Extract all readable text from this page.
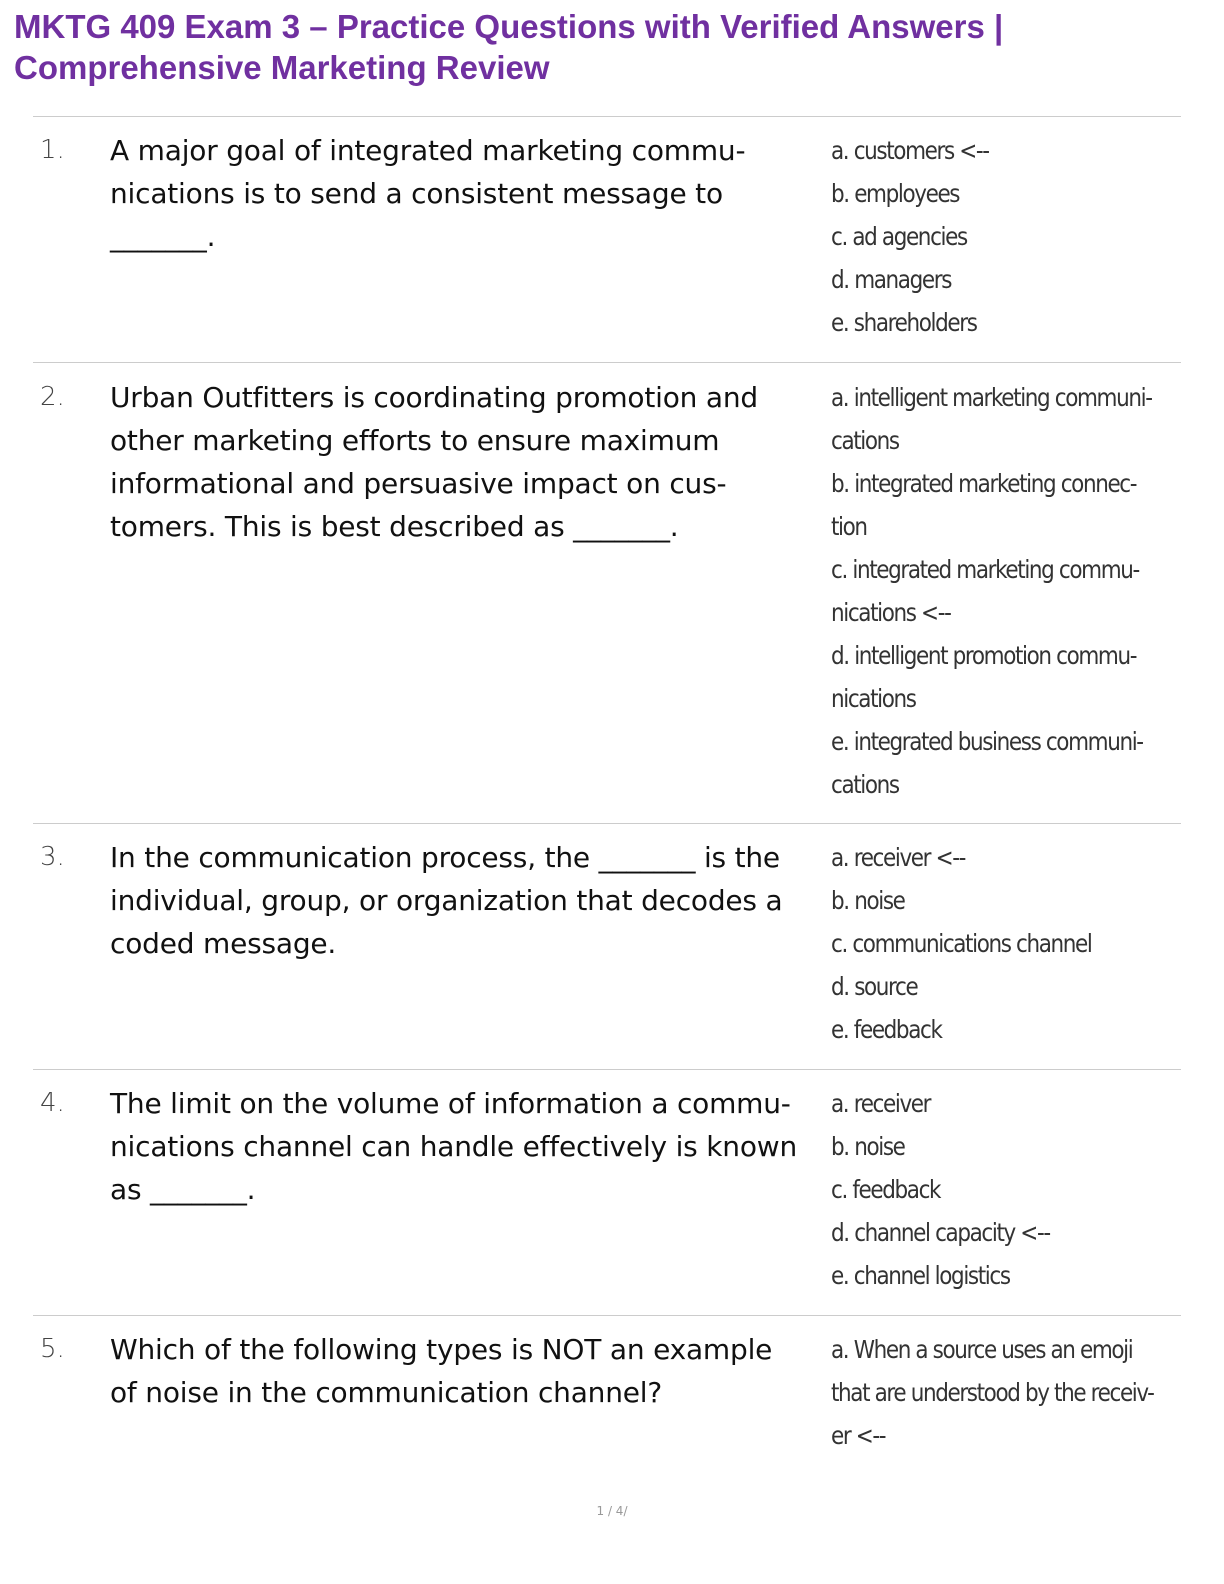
MKTG 409 Exam 3 – Practice Questions with Verified Answers |
Comprehensive Marketing Review
1. A major goal of integrated marketing commu-
nications is to send a consistent message to
_______.
a. customers <--
b. employees
c. ad agencies
d. managers
e. shareholders
2. Urban Outfitters is coordinating promotion and
other marketing efforts to ensure maximum
informational and persuasive impact on cus-
tomers. This is best described as _______.
a. intelligent marketing communi-
cations
b. integrated marketing connec-
tion
c. integrated marketing commu-
nications <--
d. intelligent promotion commu-
nications
e. integrated business communi-
cations
3. In the communication process, the _______ is the
individual, group, or organization that decodes a
coded message.
a. receiver <--
b. noise
c. communications channel
d. source
e. feedback
4. The limit on the volume of information a commu-
nications channel can handle effectively is known
as _______.
a. receiver
b. noise
c. feedback
d. channel capacity <--
e. channel logistics
5. Which of the following types is NOT an example
of noise in the communication channel?
a. When a source uses an emoji
that are understood by the receiv-
er <--
1 / 4/
